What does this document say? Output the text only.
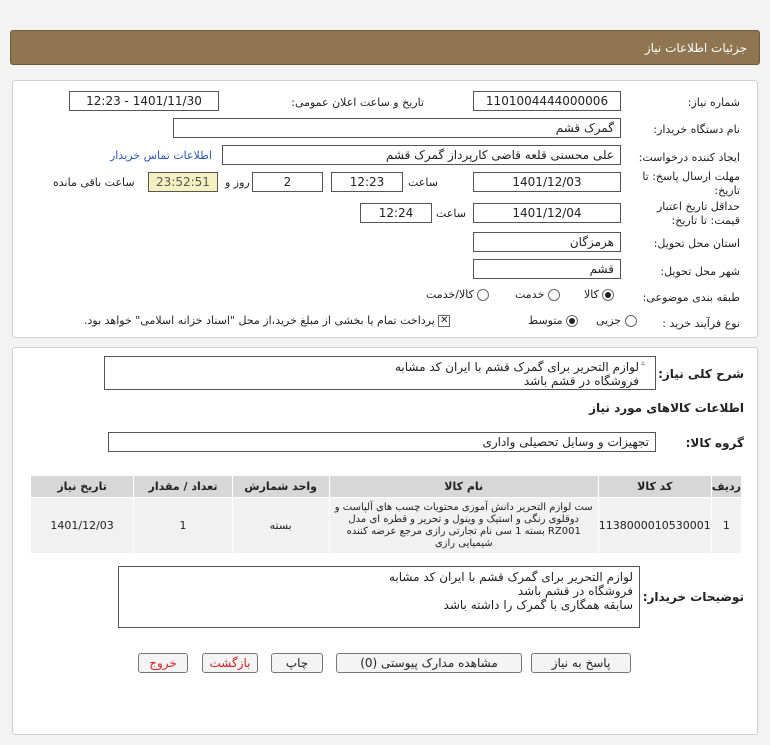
جزئیات اطلاعات نیاز
شماره نیاز:
1101004444000006
تاریخ و ساعت اعلان عمومی:
1401/11/30 - 12:23
نام دستگاه خریدار:
گمرک قشم
ایجاد کننده درخواست:
علی محسنی قلعه قاضی کارپرداز گمرک قشم
اطلاعات تماس خریدار
مهلت ارسال پاسخ: تا تاریخ:
1401/12/03
ساعت
12:23
2
روز و
23:52:51
ساعت باقی مانده
حداقل تاریخ اعتبار قیمت: تا تاریخ:
1401/12/04
ساعت
12:24
استان محل تحویل:
هرمزگان
شهر محل تحویل:
قشم
طبقه بندی موضوعی:
کالا
خدمت
کالا/خدمت
نوع فرآیند خرید :
جزیی
متوسط
✕ پرداخت تمام یا بخشی از مبلغ خرید،از محل "اسناد خزانه اسلامی" خواهد بود.
شرح کلی نیاز:
لوازم التحریر برای گمرک قشم با ایران کد مشابه
فروشگاه در قشم باشد
▵
اطلاعات کالاهای مورد نیاز
گروه کالا:
تجهیزات و وسایل تحصیلی واداری
ردیف	کد کالا	نام کالا	واحد شمارش	تعداد / مقدار	تاریخ نیاز
1	1138000010530001	ست لوازم التحریر دانش آموزی محتویات چسب های آلپاست و دوقلوی رنگی و استیک و وینول و تحریر و قطره ای مدل RZ001 بسته 1 سی نام تجارتی رازی مرجع عرضه کننده شیمیایی رازی	بسته	1	1401/12/03
توضیحات خریدار:
لوازم التحریر برای گمرک قشم با ایران کد مشابه
فروشگاه در قشم باشد
سابقه همگاری با گمرک را داشته باشد
پاسخ به نیاز
مشاهده مدارک پیوستی (0)
چاپ
بازگشت
خروج
